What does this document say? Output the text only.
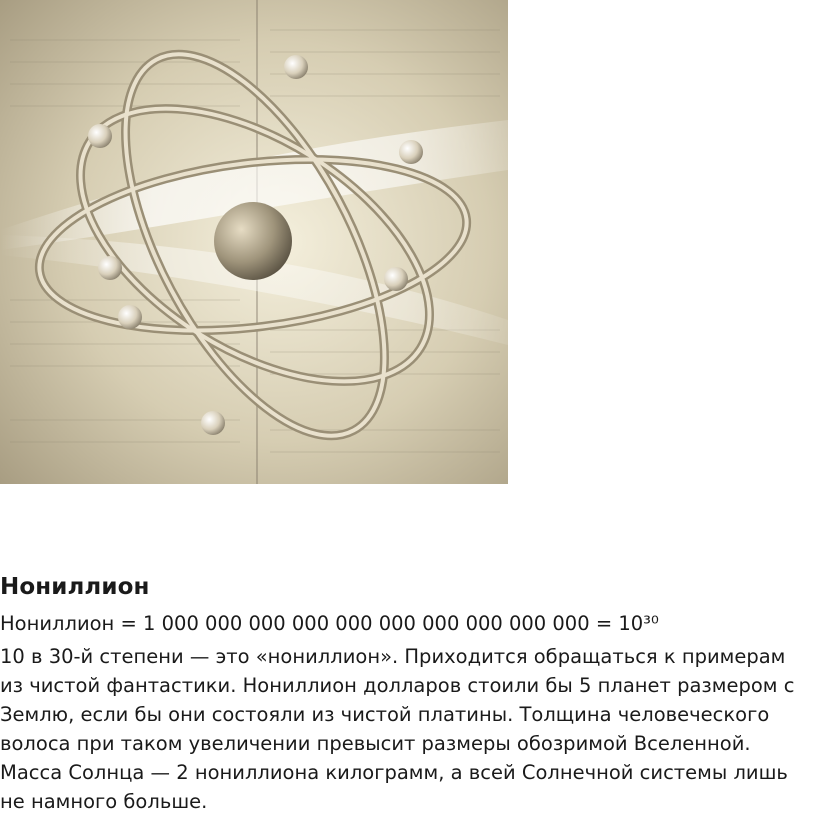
Нониллион

Нониллион = 1 000 000 000 000 000 000 000 000 000 000 = 10³⁰

10 в 30-й степени — это «нониллион». Приходится обращаться к примерам из чистой фантастики. Нониллион долларов стоили бы 5 планет размером с Землю, если бы они состояли из чистой платины. Толщина человеческого волоса при таком увеличении превысит размеры обозримой Вселенной. Масса Солнца — 2 нониллиона килограмм, а всей Солнечной системы лишь не намного больше.
